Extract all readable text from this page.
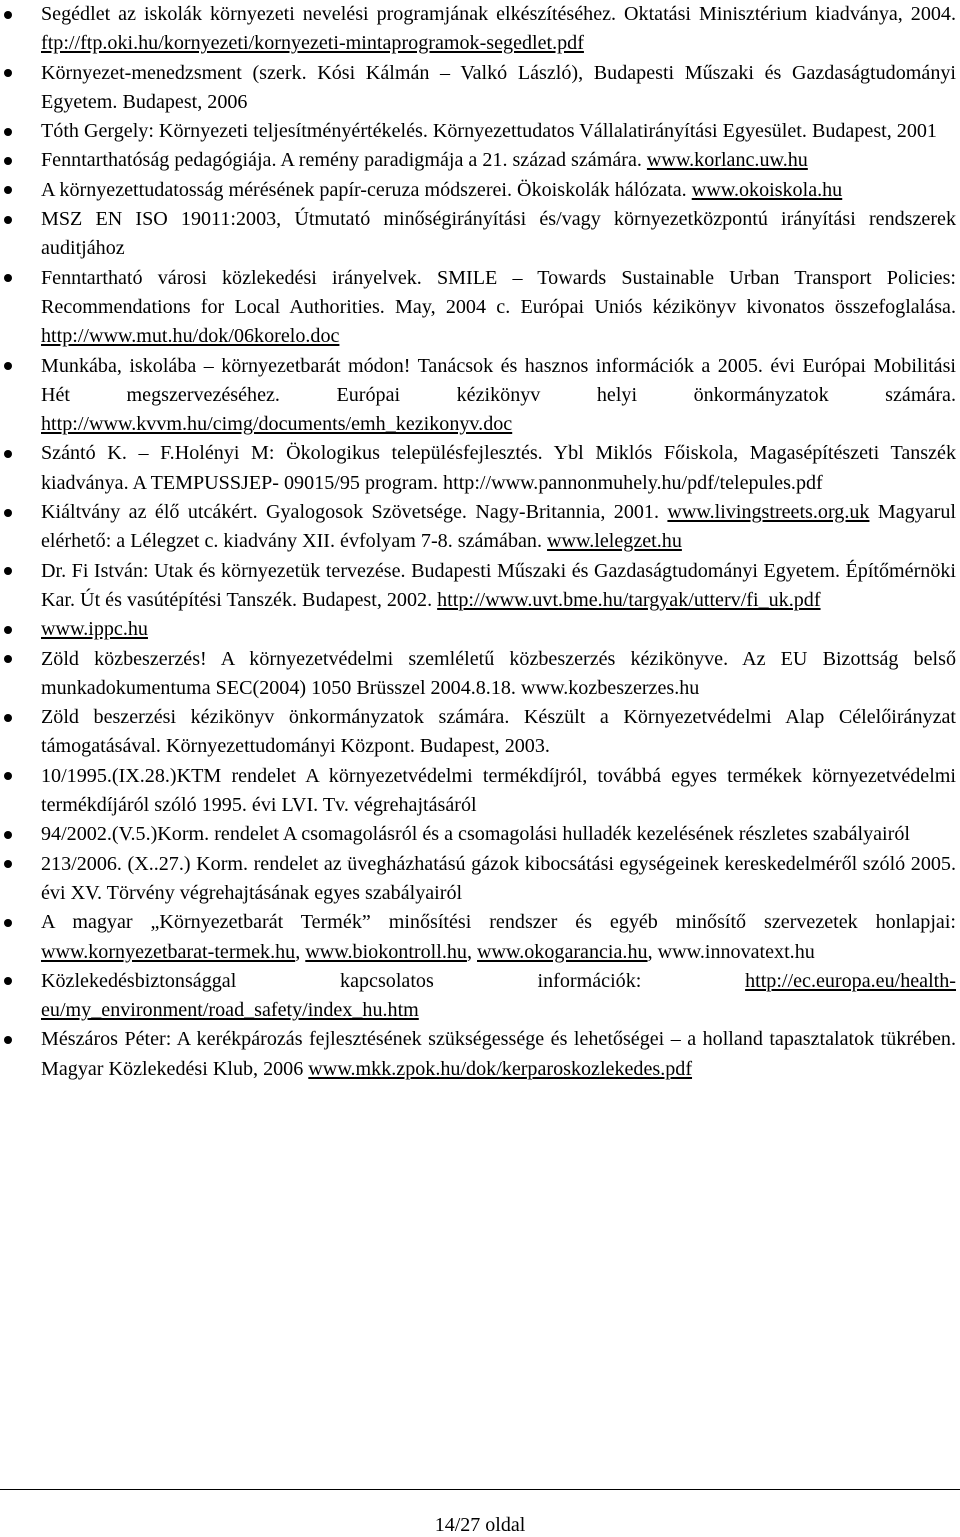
Segédlet az iskolák környezeti nevelési programjának elkészítéséhez. Oktatási Minisztérium kiadványa, 2004. ftp://ftp.oki.hu/kornyezeti/kornyezeti-mintaprogramok-segedlet.pdf
Környezet-menedzsment (szerk. Kósi Kálmán – Valkó László), Budapesti Műszaki és Gazdaságtudományi Egyetem. Budapest, 2006
Tóth Gergely: Környezeti teljesítményértékelés. Környezettudatos Vállalatirányítási Egyesület. Budapest, 2001
Fenntarthatóság pedagógiája. A remény paradigmája a 21. század számára. www.korlanc.uw.hu
A környezettudatosság mérésének papír-ceruza módszerei. Ökoiskolák hálózata. www.okoiskola.hu
MSZ EN ISO 19011:2003, Útmutató minőségirányítási és/vagy környezetközpontú irányítási rendszerek auditjához
Fenntartható városi közlekedési irányelvek. SMILE – Towards Sustainable Urban Transport Policies: Recommendations for Local Authorities. May, 2004 c. Európai Uniós kézikönyv kivonatos összefoglalása. http://www.mut.hu/dok/06korelo.doc
Munkába, iskolába – környezetbarát módon! Tanácsok és hasznos információk a 2005. évi Európai Mobilitási Hét megszervezéséhez. Európai kézikönyv helyi önkormányzatok számára. http://www.kvvm.hu/cimg/documents/emh_kezikonyv.doc
Szántó K. – F.Holényi M: Ökologikus településfejlesztés. Ybl Miklós Főiskola, Magasépítészeti Tanszék kiadványa. A TEMPUSSJEP- 09015/95 program. http://www.pannonmuhely.hu/pdf/telepules.pdf
Kiáltvány az élő utcákért. Gyalogosok Szövetsége. Nagy-Britannia, 2001. www.livingstreets.org.uk Magyarul elérhető: a Lélegzet c. kiadvány XII. évfolyam 7-8. számában. www.lelegzet.hu
Dr. Fi István: Utak és környezetük tervezése. Budapesti Műszaki és Gazdaságtudományi Egyetem. Építőmérnöki Kar. Út és vasútépítési Tanszék. Budapest, 2002. http://www.uvt.bme.hu/targyak/utterv/fi_uk.pdf
www.ippc.hu
Zöld közbeszerzés! A környezetvédelmi szemléletű közbeszerzés kézikönyve. Az EU Bizottság belső munkadokumentuma SEC(2004) 1050 Brüsszel 2004.8.18. www.kozbeszerzes.hu
Zöld beszerzési kézikönyv önkormányzatok számára. Készült a Környezetvédelmi Alap Célelőirányzat támogatásával. Környezettudományi Központ. Budapest, 2003.
10/1995.(IX.28.)KTM rendelet A környezetvédelmi termékdíjról, továbbá egyes termékek környezetvédelmi termékdíjáról szóló 1995. évi LVI. Tv. végrehajtásáról
94/2002.(V.5.)Korm. rendelet A csomagolásról és a csomagolási hulladék kezelésének részletes szabályairól
213/2006. (X..27.) Korm. rendelet az üvegházhatású gázok kibocsátási egységeinek kereskedelméről szóló 2005. évi XV. Törvény végrehajtásának egyes szabályairól
A magyar „Környezetbarát Termék” minősítési rendszer és egyéb minősítő szervezetek honlapjai: www.kornyezetbarat-termek.hu, www.biokontroll.hu, www.okogarancia.hu, www.innovatext.hu
Közlekedésbiztonsággal kapcsolatos információk: http://ec.europa.eu/health-eu/my_environment/road_safety/index_hu.htm
Mészáros Péter: A kerékpározás fejlesztésének szükségessége és lehetőségei – a holland tapasztalatok tükrében. Magyar Közlekedési Klub, 2006 www.mkk.zpok.hu/dok/kerparoskozlekedes.pdf
14/27 oldal
